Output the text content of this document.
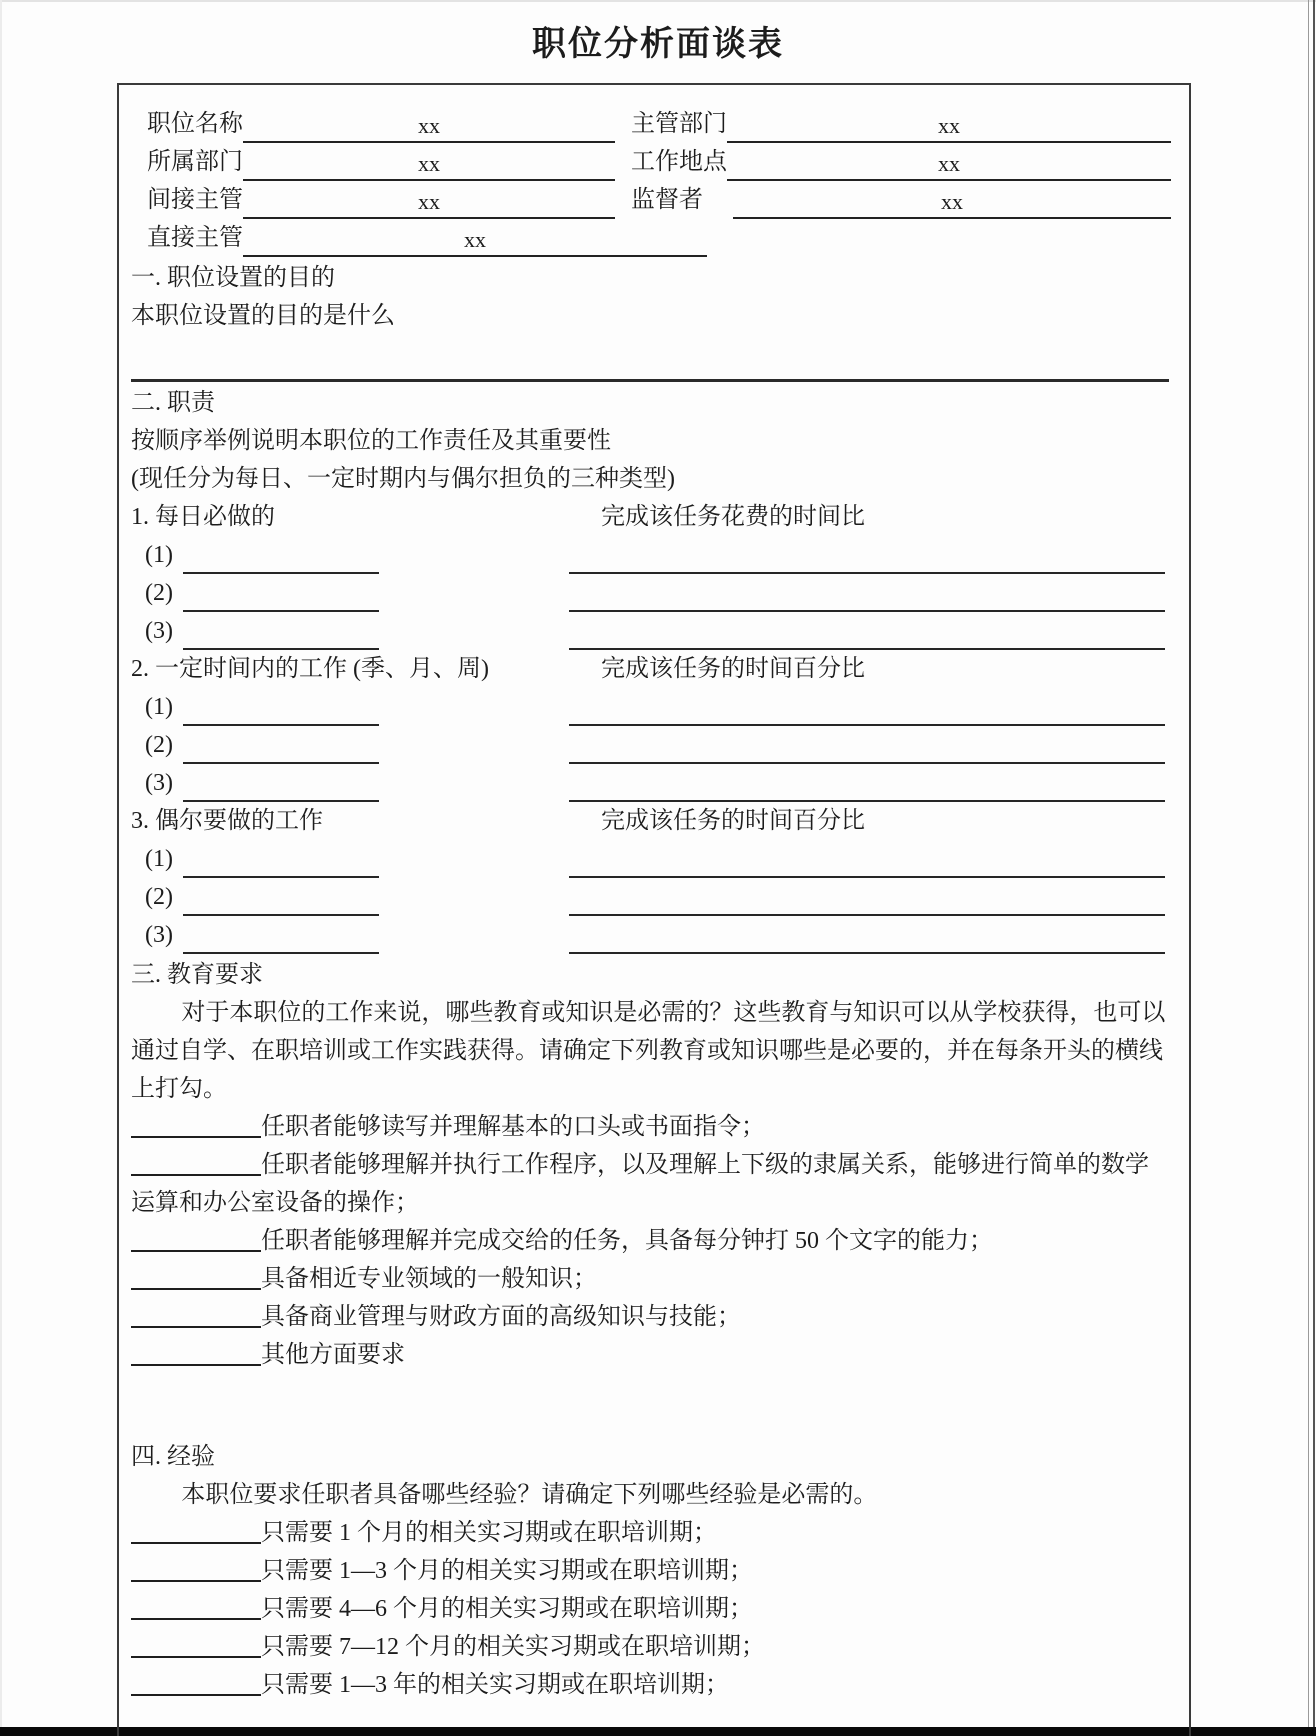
职位分析面谈表
职位名称	xx	主管部门	xx
所属部门	xx	工作地点	xx
间接主管	xx	监督者	xx
直接主管	xx
一. 职位设置的目的
本职位设置的目的是什么
二. 职责
按顺序举例说明本职位的工作责任及其重要性
(现任分为每日、一定时期内与偶尔担负的三种类型)
1. 每日必做的	完成该任务花费的时间比
(1)
(2)
(3)
2. 一定时间内的工作 (季、月、周)	完成该任务的时间百分比
(1)
(2)
(3)
3. 偶尔要做的工作	完成该任务的时间百分比
(1)
(2)
(3)
三. 教育要求

对于本职位的工作来说，哪些教育或知识是必需的？这些教育与知识可以从学校获得，也可以通过自学、在职培训或工作实践获得。请确定下列教育或知识哪些是必要的，并在每条开头的横线上打勾。

任职者能够读写并理解基本的口头或书面指令；
任职者能够理解并执行工作程序，以及理解上下级的隶属关系，能够进行简单的数学运算和办公室设备的操作；
任职者能够理解并完成交给的任务，具备每分钟打 50 个文字的能力；
具备相近专业领域的一般知识；
具备商业管理与财政方面的高级知识与技能；
其他方面要求
四. 经验

本职位要求任职者具备哪些经验？请确定下列哪些经验是必需的。

只需要 1 个月的相关实习期或在职培训期；
只需要 1—3 个月的相关实习期或在职培训期；
只需要 4—6 个月的相关实习期或在职培训期；
只需要 7—12 个月的相关实习期或在职培训期；
只需要 1—3 年的相关实习期或在职培训期；
